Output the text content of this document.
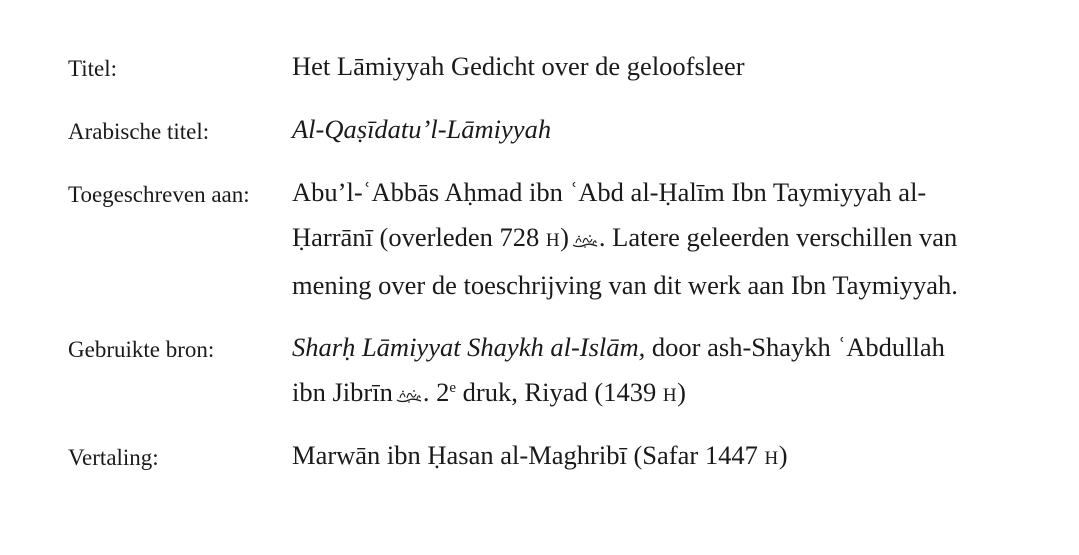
Titel:	Het Lāmiyyah Gedicht over de geloofsleer
Arabische titel:	Al-Qaṣīdatu’l-Lāmiyyah
Toegeschreven aan:	Abu’l-ʿAbbās Aḥmad ibn ʿAbd al-Ḥalīm Ibn Taymiyyah al-
Ḥarrānī (overleden 728 H) . Latere geleerden verschillen van
mening over de toeschrijving van dit werk aan Ibn Taymiyyah.
Gebruikte bron:	Sharḥ Lāmiyyat Shaykh al-Islām, door ash-Shaykh ʿAbdullah
ibn Jibrīn . 2e druk, Riyad (1439 H)
Vertaling:	Marwān ibn Ḥasan al-Maghribī (Safar 1447 H)
